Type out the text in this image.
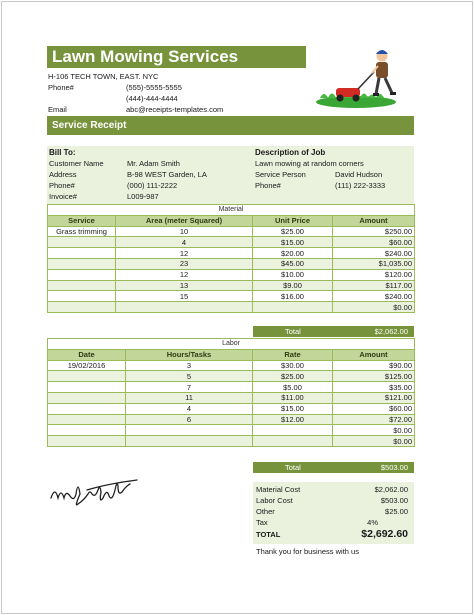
Lawn Mowing Services
H-106 TECH TOWN, EAST. NYC
Phone#	(555)-5555-5555
(444)-444-4444
Email	abc@receipts-templates.com
Service Receipt
Bill To:
Customer Name	Mr. Adam Smith
Address	B-98 WEST Garden, LA
Phone#	(000) 111-2222
Invoice#	L009-987
Description of Job
Lawn mowing at random corners
Service Person	David Hudson
Phone#	(111) 222-3333
Material			
Service	Area (meter Squared)	Unit Price	Amount
Grass trimming	10	$25.00	$250.00
	4	$15.00	$60.00
	12	$20.00	$240.00
	23	$45.00	$1,035.00
	12	$10.00	$120.00
	13	$9.00	$117.00
	15	$16.00	$240.00
			$0.00
Total	$2,062.00
Labor			
Date	Hours/Tasks	Rate	Amount
19/02/2016	3	$30.00	$90.00
	5	$25.00	$125.00
	7	$5.00	$35.00
	11	$11.00	$121.00
	4	$15.00	$60.00
	6	$12.00	$72.00
			$0.00
			$0.00
Total	$503.00
Material Cost	$2,062.00
Labor Cost	$503.00
Other	$25.00
Tax	4%
TOTAL	$2,692.60
Thank you for business with us
